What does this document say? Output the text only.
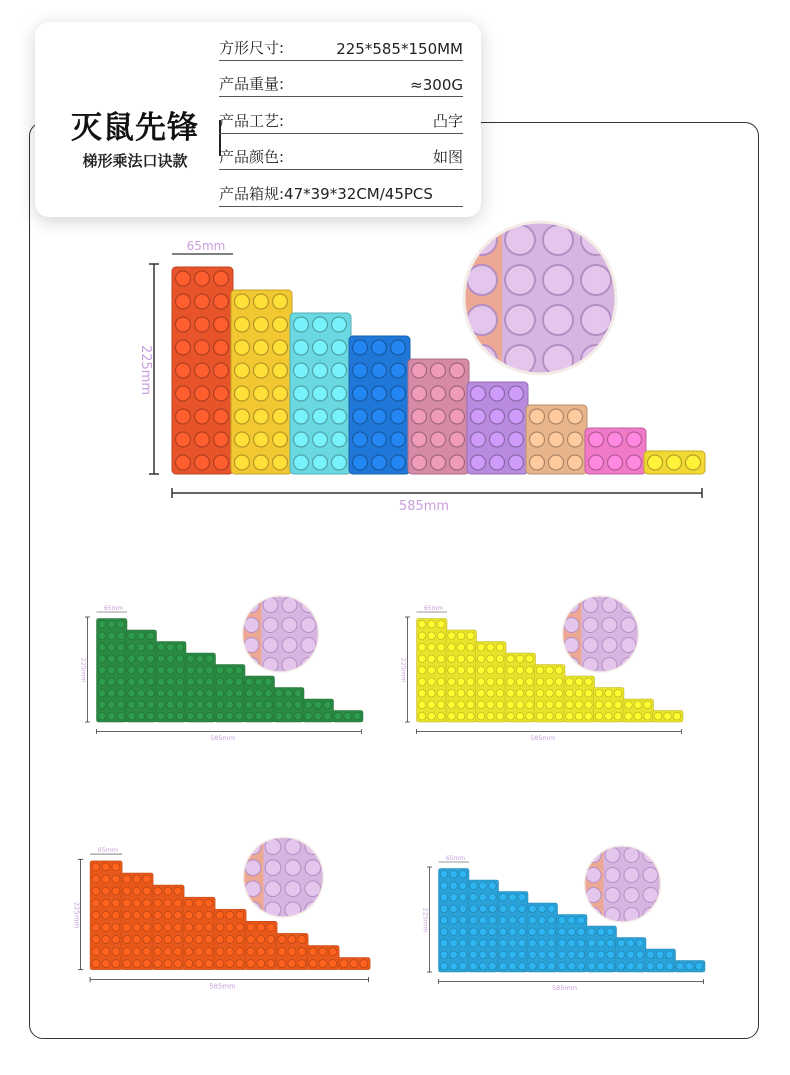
灭鼠先锋
梯形乘法口诀款
方形尺寸:	225*585*150MM
产品重量:	≈300G
产品工艺:	凸字
产品颜色:	如图
产品箱规:47*39*32CM/45PCS
225mm
585mm
65mm
225mm
585mm
65mm
225mm
585mm
65mm
225mm
585mm
65mm
225mm
585mm
65mm
